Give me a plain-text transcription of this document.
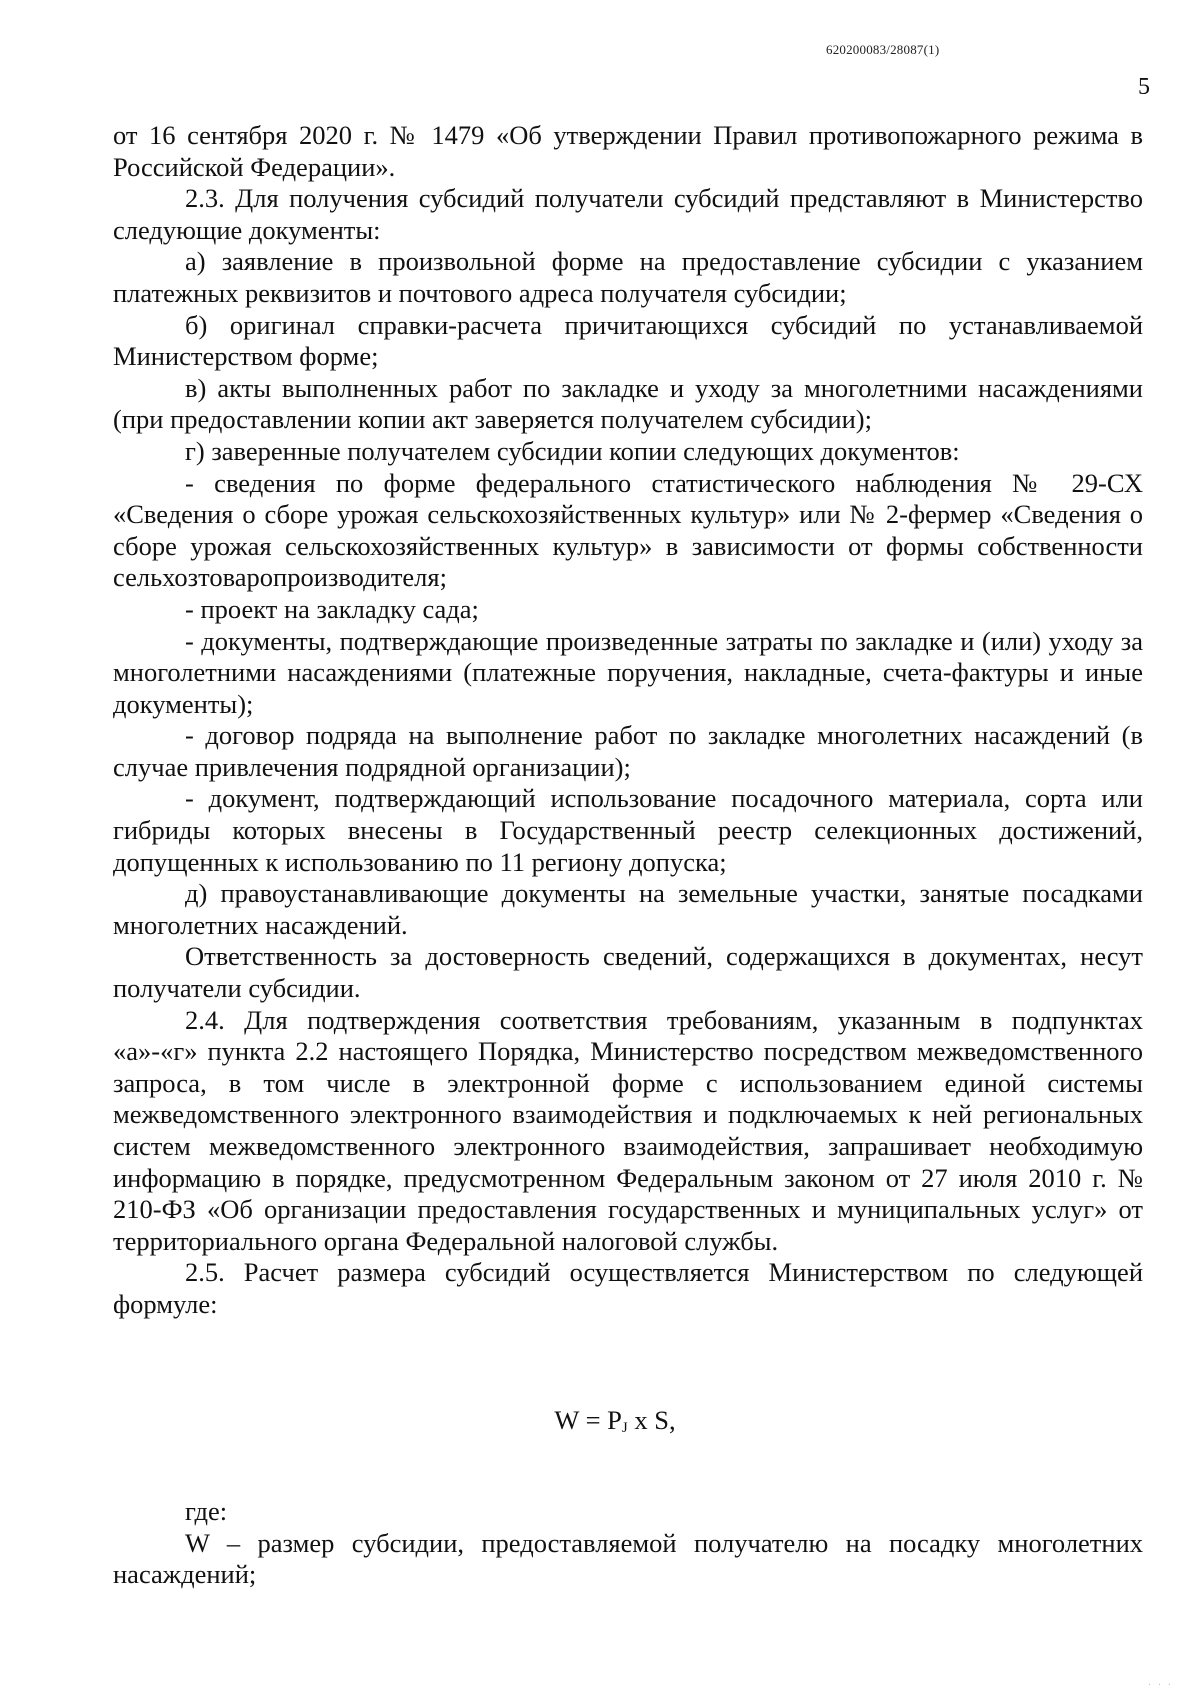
620200083/28087(1)
5

от 16 сентября 2020 г. № 1479 «Об утверждении Правил противопожарного режима в Российской Федерации».

2.3. Для получения субсидий получатели субсидий представляют в Министерство следующие документы:

а) заявление в произвольной форме на предоставление субсидии с указанием платежных реквизитов и почтового адреса получателя субсидии;

б) оригинал справки-расчета причитающихся субсидий по устанавливаемой Министерством форме;

в) акты выполненных работ по закладке и уходу за многолетними насаждениями (при предоставлении копии акт заверяется получателем субсидии);

г) заверенные получателем субсидии копии следующих документов:

- сведения по форме федерального статистического наблюдения № 29-СХ «Сведения о сборе урожая сельскохозяйственных культур» или № 2-фермер «Сведения о сборе урожая сельскохозяйственных культур» в зависимости от формы собственности сельхозтоваропроизводителя;

- проект на закладку сада;

- документы, подтверждающие произведенные затраты по закладке и (или) уходу за многолетними насаждениями (платежные поручения, накладные, счета-фактуры и иные документы);

- договор подряда на выполнение работ по закладке многолетних насаждений (в случае привлечения подрядной организации);

- документ, подтверждающий использование посадочного материала, сорта или гибриды которых внесены в Государственный реестр селекционных достижений, допущенных к использованию по 11 региону допуска;

д) правоустанавливающие документы на земельные участки, занятые посадками многолетних насаждений.

Ответственность за достоверность сведений, содержащихся в документах, несут получатели субсидии.

2.4. Для подтверждения соответствия требованиям, указанным в подпунктах «а»-«г» пункта 2.2 настоящего Порядка, Министерство посредством межведомственного запроса, в том числе в электронной форме с использованием единой системы межведомственного электронного взаимодействия и подключаемых к ней региональных систем межведомственного электронного взаимодействия, запрашивает необходимую информацию в порядке, предусмотренном Федеральным законом от 27 июля 2010 г. № 210-ФЗ «Об организации предоставления государственных и муниципальных услуг» от территориального органа Федеральной налоговой службы.

2.5. Расчет размера субсидий осуществляется Министерством по следующей формуле:

$W = P_J$ x S,

где:

W – размер субсидии, предоставляемой получателю на посадку многолетних насаждений;

· · ·
